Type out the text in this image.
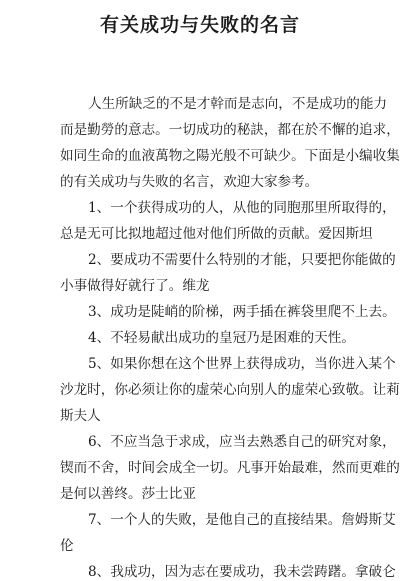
有关成功与失败的名言
人生所缺乏的不是才幹而是志向，不是成功的能力
而是勤勞的意志。一切成功的秘訣，都在於不懈的追求，
如同生命的血液萬物之陽光般不可缺少。下面是小编收集
的有关成功与失败的名言，欢迎大家参考。
1、一个获得成功的人，从他的同胞那里所取得的，
总是无可比拟地超过他对他们所做的贡献。爱因斯坦
2、要成功不需要什么特别的才能，只要把你能做的
小事做得好就行了。维龙
3、成功是陡峭的阶梯，两手插在裤袋里爬不上去。
4、不轻易献出成功的皇冠乃是困难的天性。
5、如果你想在这个世界上获得成功，当你进入某个
沙龙时，你必须让你的虚荣心向别人的虚荣心致敬。让莉
斯夫人
6、不应当急于求成，应当去熟悉自己的研究对象，
锲而不舍，时间会成全一切。凡事开始最难，然而更难的
是何以善终。莎士比亚
7、一个人的失败，是他自己的直接结果。詹姆斯艾
伦
8、我成功，因为志在要成功，我未尝踌躇。拿破仑
